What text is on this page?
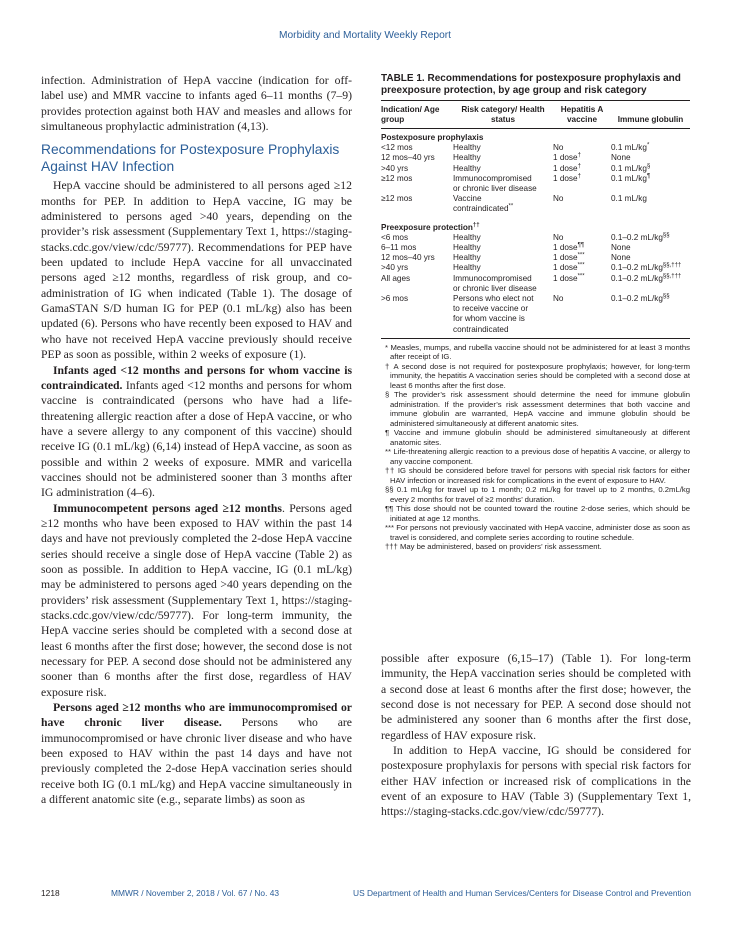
Morbidity and Mortality Weekly Report

infection. Administration of HepA vaccine (indication for off-label use) and MMR vaccine to infants aged 6–11 months (7–9) provides protection against both HAV and measles and allows for simultaneous prophylactic administration (4,13).

Recommendations for Postexposure Prophylaxis Against HAV Infection

HepA vaccine should be administered to all persons aged ≥12 months for PEP. In addition to HepA vaccine, IG may be administered to persons aged >40 years, depending on the provider’s risk assessment (Supplementary Text 1, https://staging-stacks.cdc.gov/view/cdc/59777). Recommendations for PEP have been updated to include HepA vaccine for all unvaccinated persons aged ≥12 months, regardless of risk group, and co-administration of IG when indicated (Table 1). The dosage of GamaSTAN S/D human IG for PEP (0.1 mL/kg) also has been updated (6). Persons who have recently been exposed to HAV and who have not received HepA vaccine previously should receive PEP as soon as possible, within 2 weeks of exposure (1).

Infants aged <12 months and persons for whom vaccine is contraindicated. Infants aged <12 months and persons for whom vaccine is contraindicated (persons who have had a life-threatening allergic reaction after a dose of HepA vaccine, or who have a severe allergy to any component of this vaccine) should receive IG (0.1 mL/kg) (6,14) instead of HepA vaccine, as soon as possible and within 2 weeks of exposure. MMR and varicella vaccines should not be administered sooner than 3 months after IG administration (4–6).

Immunocompetent persons aged ≥12 months. Persons aged ≥12 months who have been exposed to HAV within the past 14 days and have not previously completed the 2-dose HepA vaccine series should receive a single dose of HepA vaccine (Table 2) as soon as possible. In addition to HepA vaccine, IG (0.1 mL/kg) may be administered to persons aged >40 years depending on the providers’ risk assessment (Supplementary Text 1, https://staging-stacks.cdc.gov/view/cdc/59777). For long-term immunity, the HepA vaccine series should be completed with a second dose at least 6 months after the first dose; however, the second dose is not necessary for PEP. A second dose should not be administered any sooner than 6 months after the first dose, regardless of HAV exposure risk.

Persons aged ≥12 months who are immunocompromised or have chronic liver disease. Persons who are immunocompromised or have chronic liver disease and who have been exposed to HAV within the past 14 days and have not previously completed the 2-dose HepA vaccination series should receive both IG (0.1 mL/kg) and HepA vaccine simultaneously in a different anatomic site (e.g., separate limbs) as soon as

TABLE 1. Recommendations for postexposure prophylaxis and preexposure protection, by age group and risk category
Indication/ Age group	Risk category/ Health status	Hepatitis A vaccine	Immune globulin
Postexposure prophylaxis			
<12 mos	Healthy	No	0.1 mL/kg*
12 mos–40 yrs	Healthy	1 dose†	None
>40 yrs	Healthy	1 dose†	0.1 mL/kg§
≥12 mos	Immunocompromised or chronic liver disease	1 dose†	0.1 mL/kg¶
≥12 mos	Vaccine contraindicated**	No	0.1 mL/kg
Preexposure protection††
<6 mos	Healthy	No	0.1–0.2 mL/kg§§
6–11 mos	Healthy	1 dose¶¶	None
12 mos–40 yrs	Healthy	1 dose***	None
>40 yrs	Healthy	1 dose***	0.1–0.2 mL/kg§§,†††
All ages	Immunocompromised or chronic liver disease	1 dose***	0.1–0.2 mL/kg§§,†††
>6 mos	Persons who elect not to receive vaccine or for whom vaccine is contraindicated	No	0.1–0.2 mL/kg§§
* Measles, mumps, and rubella vaccine should not be administered for at least 3 months after receipt of IG.
† A second dose is not required for postexposure prophylaxis; however, for long-term immunity, the hepatitis A vaccination series should be completed with a second dose at least 6 months after the first dose.
§ The provider’s risk assessment should determine the need for immune globulin administration. If the provider’s risk assessment determines that both vaccine and immune globulin are warranted, HepA vaccine and immune globulin should be administered simultaneously at different anatomic sites.
¶ Vaccine and immune globulin should be administered simultaneously at different anatomic sites.
** Life-threatening allergic reaction to a previous dose of hepatitis A vaccine, or allergy to any vaccine component.
†† IG should be considered before travel for persons with special risk factors for either HAV infection or increased risk for complications in the event of exposure to HAV.
§§ 0.1 mL/kg for travel up to 1 month; 0.2 mL/kg for travel up to 2 months, 0.2mL/kg every 2 months for travel of ≥2 months’ duration.
¶¶ This dose should not be counted toward the routine 2-dose series, which should be initiated at age 12 months.
*** For persons not previously vaccinated with HepA vaccine, administer dose as soon as travel is considered, and complete series according to routine schedule.
††† May be administered, based on providers’ risk assessment.

possible after exposure (6,15–17) (Table 1). For long-term immunity, the HepA vaccination series should be completed with a second dose at least 6 months after the first dose; however, the second dose is not necessary for PEP. A second dose should not be administered any sooner than 6 months after the first dose, regardless of HAV exposure risk.

In addition to HepA vaccine, IG should be considered for postexposure prophylaxis for persons with special risk factors for either HAV infection or increased risk of complications in the event of an exposure to HAV (Table 3) (Supplementary Text 1, https://staging-stacks.cdc.gov/view/cdc/59777).

1218	MMWR / November 2, 2018 / Vol. 67 / No. 43	US Department of Health and Human Services/Centers for Disease Control and Prevention
